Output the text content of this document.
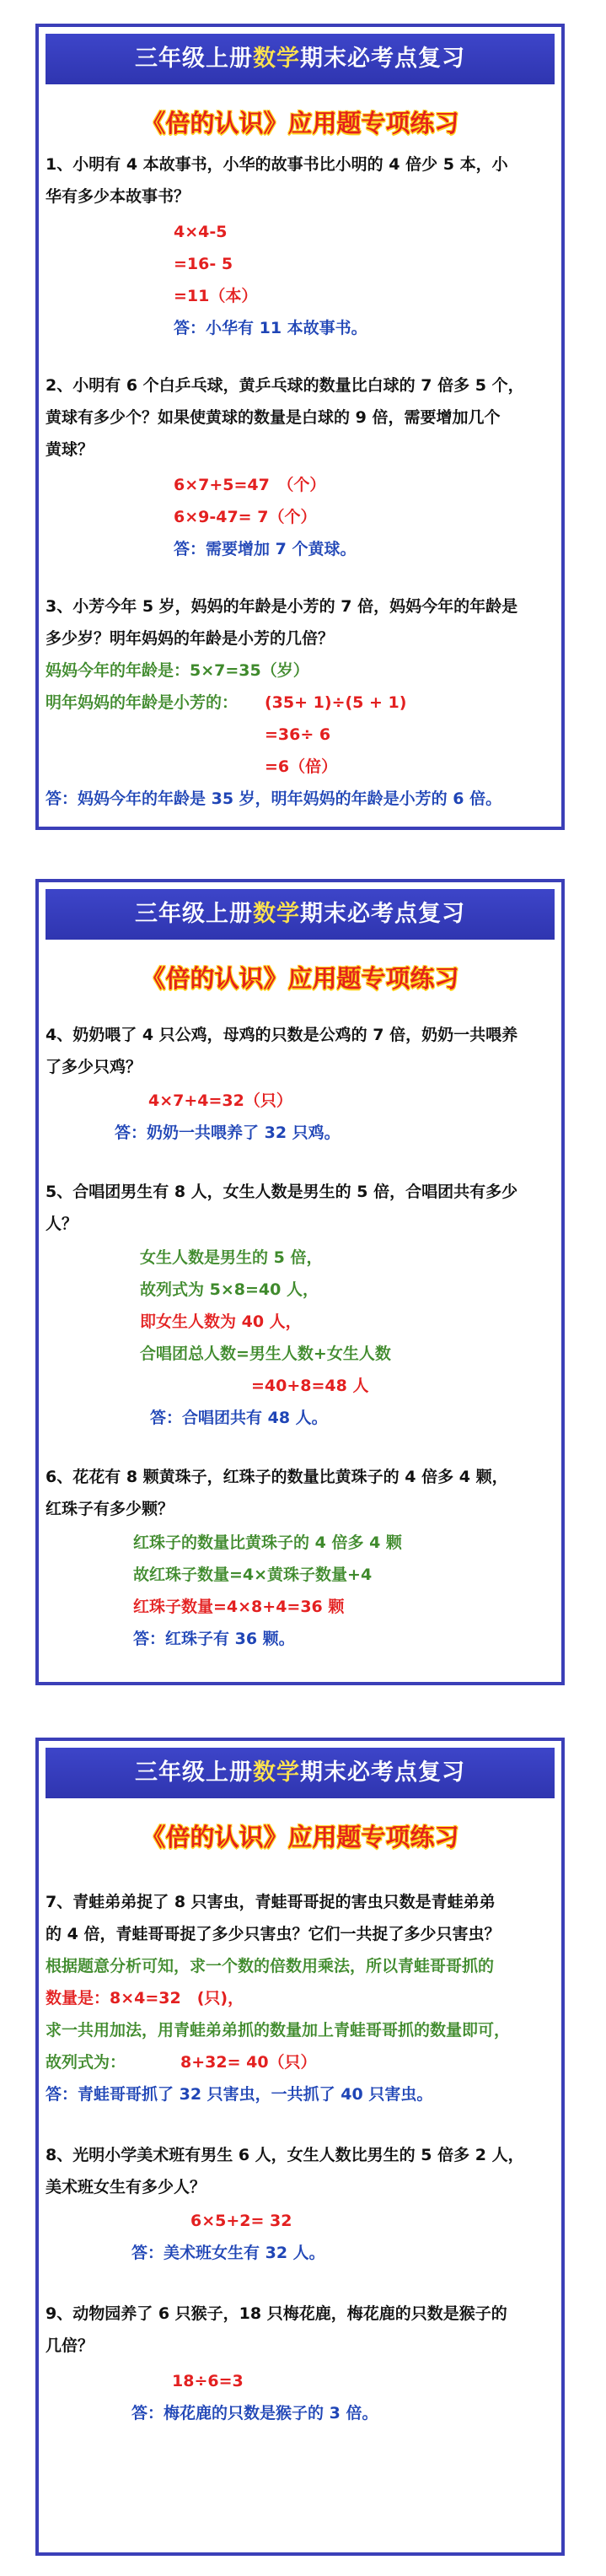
三年级上册数学期末必考点复习
《倍的认识》应用题专项练习
1、小明有 4 本故事书，小华的故事书比小明的 4 倍少 5 本，小
华有多少本故事书？
4×4-5
=16- 5
=11（本）
答：小华有 11 本故事书。
2、小明有 6 个白乒乓球，黄乒乓球的数量比白球的 7 倍多 5 个，
黄球有多少个？如果使黄球的数量是白球的 9 倍，需要增加几个
黄球？
6×7+5=47　（个）
6×9-47= 7（个）
答：需要增加 7 个黄球。
3、小芳今年 5 岁，妈妈的年龄是小芳的 7 倍，妈妈今年的年龄是
多少岁？明年妈妈的年龄是小芳的几倍？
妈妈今年的年龄是：5×7=35（岁）
明年妈妈的年龄是小芳的： (35+ 1)÷(5 + 1)
=36÷ 6
=6（倍）
答：妈妈今年的年龄是 35 岁，明年妈妈的年龄是小芳的 6 倍。
三年级上册数学期末必考点复习
《倍的认识》应用题专项练习
4、奶奶喂了 4 只公鸡，母鸡的只数是公鸡的 7 倍，奶奶一共喂养
了多少只鸡？
4×7+4=32（只）
答：奶奶一共喂养了 32 只鸡。
5、合唱团男生有 8 人，女生人数是男生的 5 倍，合唱团共有多少
人？
女生人数是男生的 5 倍，
故列式为 5×8=40 人，
即女生人数为 40 人，
合唱团总人数=男生人数+女生人数
=40+8=48 人
答：合唱团共有 48 人。
6、花花有 8 颗黄珠子，红珠子的数量比黄珠子的 4 倍多 4 颗，
红珠子有多少颗？
红珠子的数量比黄珠子的 4 倍多 4 颗
故红珠子数量=4×黄珠子数量+4
红珠子数量=4×8+4=36 颗
答：红珠子有 36 颗。
三年级上册数学期末必考点复习
《倍的认识》应用题专项练习
7、青蛙弟弟捉了 8 只害虫，青蛙哥哥捉的害虫只数是青蛙弟弟
的 4 倍，青蛙哥哥捉了多少只害虫？它们一共捉了多少只害虫？
根据题意分析可知，求一个数的倍数用乘法，所以青蛙哥哥抓的
数量是：8×4=32　(只)，
求一共用加法，用青蛙弟弟抓的数量加上青蛙哥哥抓的数量即可，
故列式为：	8+32= 40（只）
答：青蛙哥哥抓了 32 只害虫，一共抓了 40 只害虫。
8、光明小学美术班有男生 6 人，女生人数比男生的 5 倍多 2 人，
美术班女生有多少人？
6×5+2= 32
答：美术班女生有 32 人。
9、动物园养了 6 只猴子，18 只梅花鹿，梅花鹿的只数是猴子的
几倍？
18÷6=3
答：梅花鹿的只数是猴子的 3 倍。
